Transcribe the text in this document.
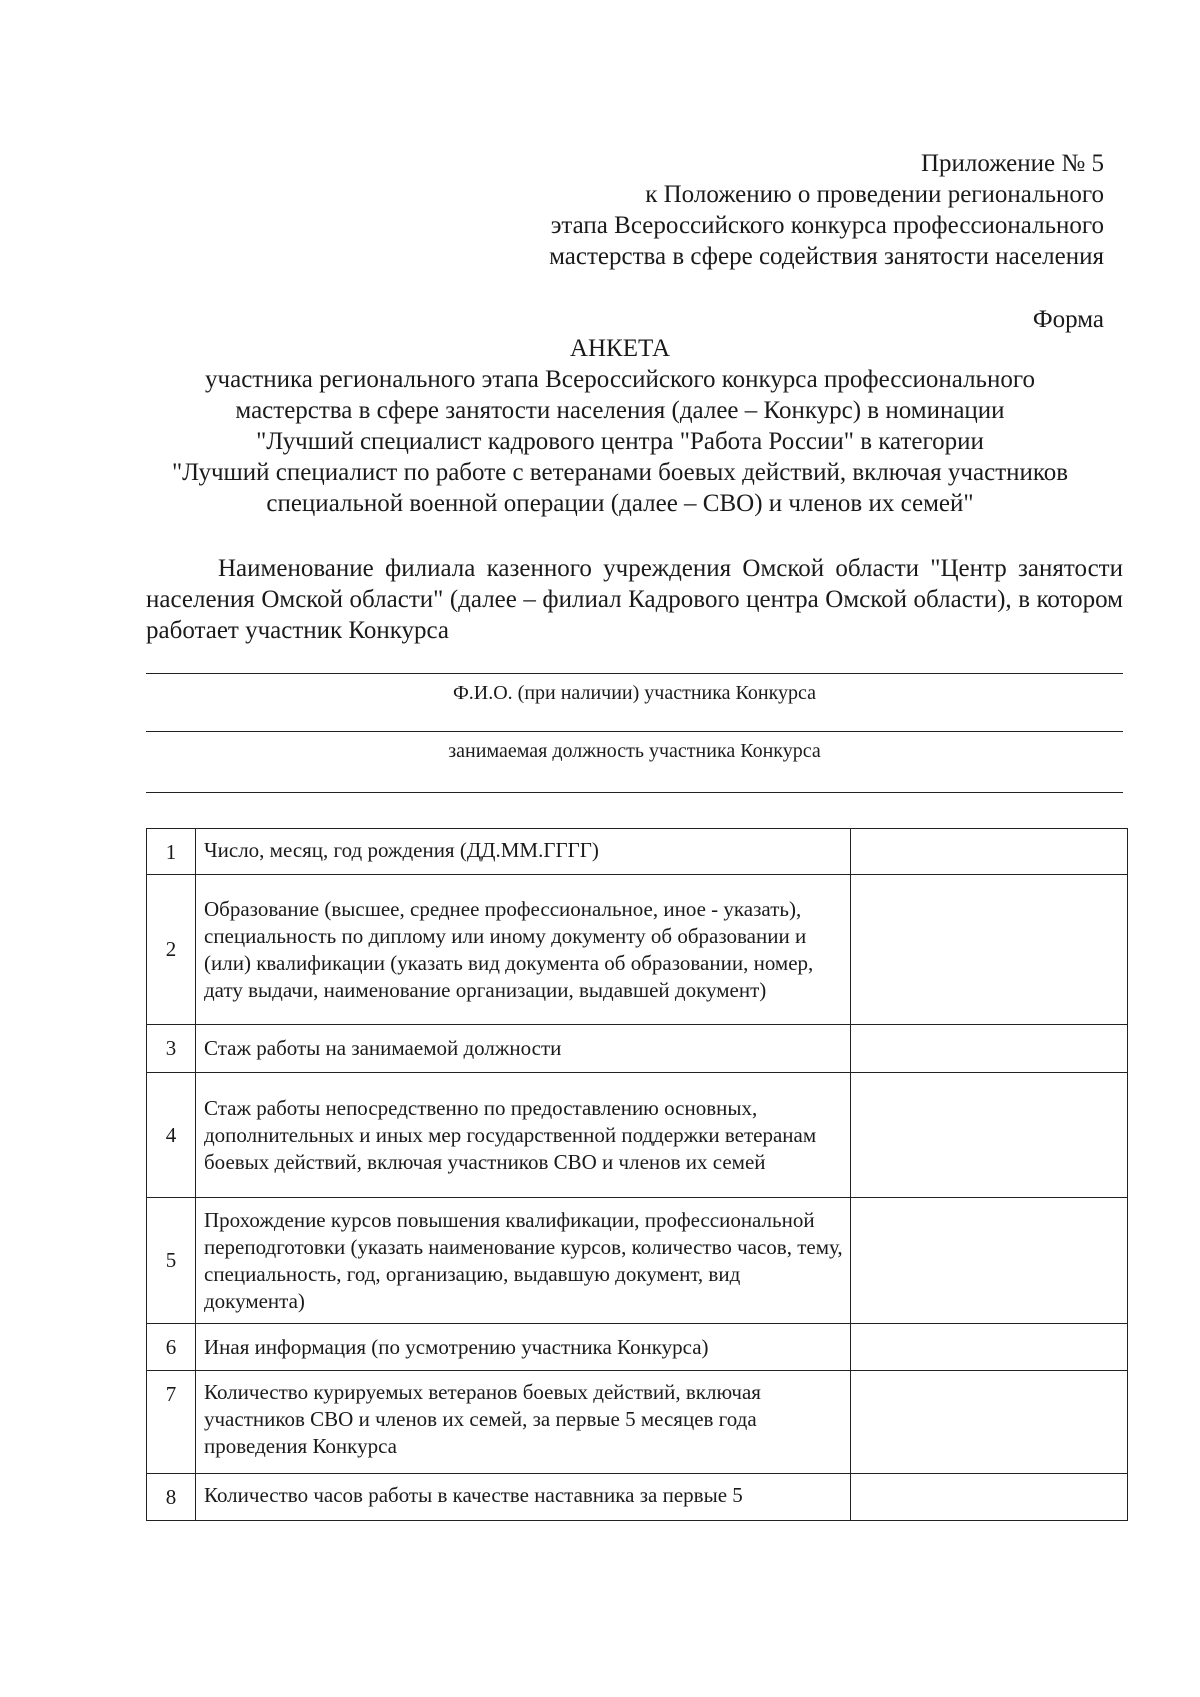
Приложение № 5
к Положению о проведении регионального
этапа Всероссийского конкурса профессионального
мастерства в сфере содействия занятости населения
Форма
АНКЕТА
участника регионального этапа Всероссийского конкурса профессионального
мастерства в сфере занятости населения (далее – Конкурс) в номинации
"Лучший специалист кадрового центра "Работа России" в категории
"Лучший специалист по работе с ветеранами боевых действий, включая участников
специальной военной операции (далее – СВО) и членов их семей"
Наименование филиала казенного учреждения Омской области "Центр занятости населения Омской области" (далее – филиал Кадрового центра Омской области), в котором работает участник Конкурса
Ф.И.О. (при наличии) участника Конкурса
занимаемая должность участника Конкурса
1	Число, месяц, год рождения (ДД.ММ.ГГГГ)	
2	Образование (высшее, среднее профессиональное, иное - указать), специальность по диплому или иному документу об образовании и (или) квалификации (указать вид документа об образовании, номер, дату выдачи, наименование организации, выдавшей документ)	
3	Стаж работы на занимаемой должности	
4	Стаж работы непосредственно по предоставлению основных, дополнительных и иных мер государственной поддержки ветеранам боевых действий, включая участников СВО и членов их семей	
5	Прохождение курсов повышения квалификации, профессиональной переподготовки (указать наименование курсов, количество часов, тему, специальность, год, организацию, выдавшую документ, вид документа)	
6	Иная информация (по усмотрению участника Конкурса)	
7	Количество курируемых ветеранов боевых действий, включая участников СВО и членов их семей, за первые 5 месяцев года проведения Конкурса	
8	Количество часов работы в качестве наставника за первые 5	
